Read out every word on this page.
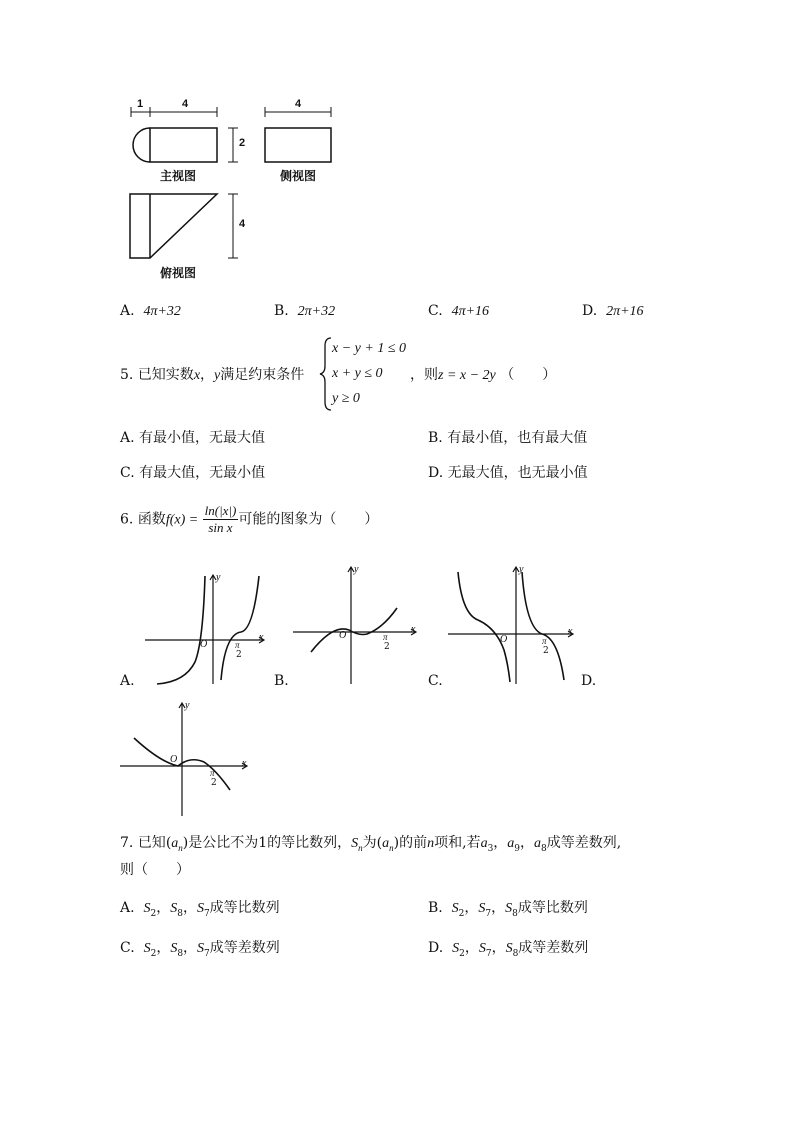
1	4
2
4
主视图	侧视图
4
俯视图
A. 4π+32	B. 2π+32	C. 4π+16	D. 2π+16
5. 已知实数x，y满足约束条件
x − y + 1 ≤ 0
x + y ≤ 0
y ≥ 0
，则z = x − 2y （　　）
A. 有最小值，无最大值	B. 有最小值，也有最大值
C. 有最大值，无最小值	D. 无最大值，也无最小值
6. 函数$f(x) = \frac{\ln(|x|)}{\text{sin x}}$ 可能的图象为（　　）
y
x
O	π
2
A.
y
x
O	π
2
B.
y
x
O	π
2
C.	D.
y
x
O
π
2
7. 已知$(a_n)$是公比不为1的等比数列，$S_n$为$(a_n)$的前n项和,若$a_3$，$a_9$，$a_8$成等差数列,
则（　　）
A. $S_2$，$S_8$，$S_7$成等比数列	B. $S_2$，$S_7$，$S_8$成等比数列
C. $S_2$，$S_8$，$S_7$成等差数列	D. $S_2$，$S_7$，$S_8$成等差数列
